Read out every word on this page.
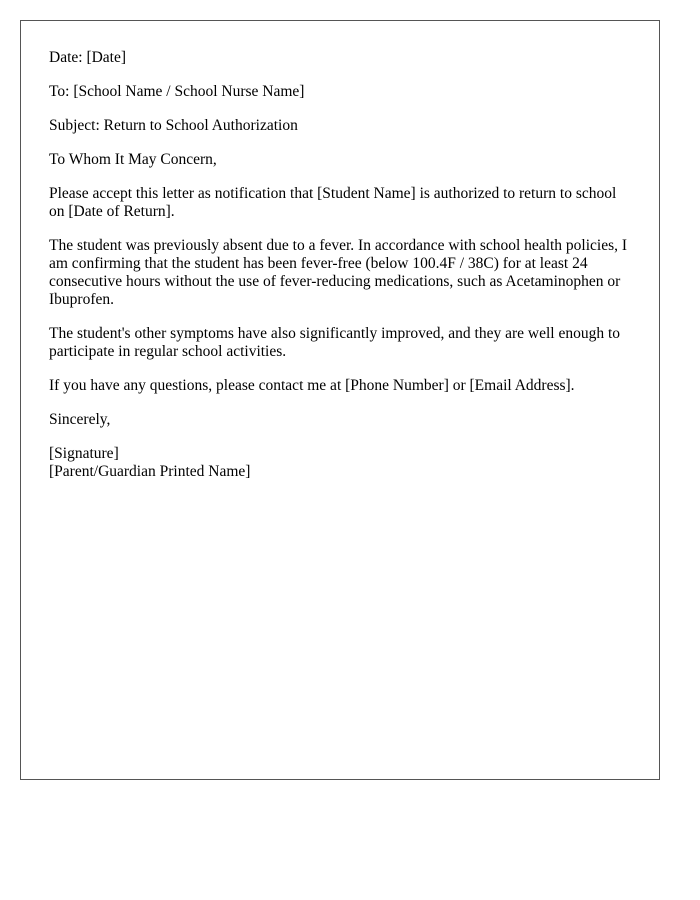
Date: [Date]

To: [School Name / School Nurse Name]

Subject: Return to School Authorization

To Whom It May Concern,

Please accept this letter as notification that [Student Name] is authorized to return to school on [Date of Return].

The student was previously absent due to a fever. In accordance with school health policies, I am confirming that the student has been fever-free (below 100.4F / 38C) for at least 24 consecutive hours without the use of fever-reducing medications, such as Acetaminophen or Ibuprofen.

The student's other symptoms have also significantly improved, and they are well enough to participate in regular school activities.

If you have any questions, please contact me at [Phone Number] or [Email Address].

Sincerely,

[Signature]
[Parent/Guardian Printed Name]
